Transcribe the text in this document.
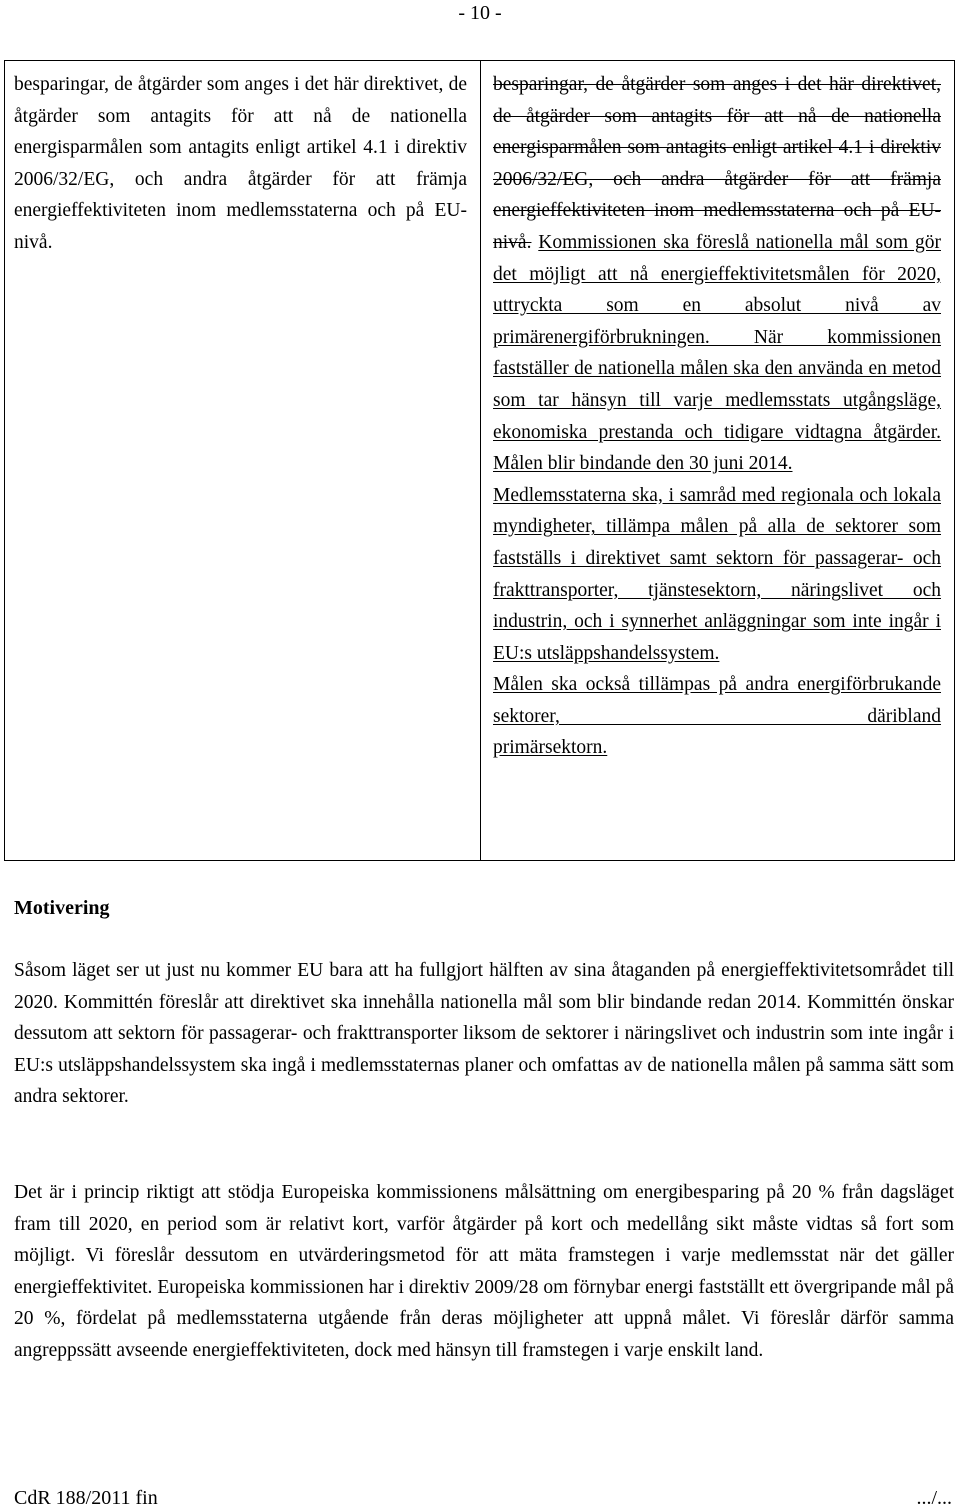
- 10 -

besparingar, de åtgärder som anges i det här direktivet, de åtgärder som antagits för att nå de nationella energisparmålen som antagits enligt artikel 4.1 i direktiv 2006/32/EG, och andra åtgärder för att främja energieffektiviteten inom medlemsstaterna och på EU-nivå.

besparingar, de åtgärder som anges i det här direktivet, de åtgärder som antagits för att nå de nationella energisparmålen som antagits enligt artikel 4.1 i direktiv 2006/32/EG, och andra åtgärder för att främja energieffektiviteten inom medlemsstaterna och på EU-nivå. Kommissionen ska föreslå nationella mål som gör det möjligt att nå energieffektivitetsmålen för 2020, uttryckta som en absolut nivå av primärenergiförbrukningen. När kommissionen fastställer de nationella målen ska den använda en metod som tar hänsyn till varje medlemsstats utgångsläge, ekonomiska prestanda och tidigare vidtagna åtgärder. Målen blir bindande den 30 juni 2014.

Medlemsstaterna ska, i samråd med regionala och lokala myndigheter, tillämpa målen på alla de sektorer som fastställs i direktivet samt sektorn för passagerar- och frakttransporter, tjänstesektorn, näringslivet och industrin, och i synnerhet anläggningar som inte ingår i EU:s utsläppshandelssystem.

Målen ska också tillämpas på andra energiförbrukande sektorer, däribland

primärsektorn.

Motivering

Såsom läget ser ut just nu kommer EU bara att ha fullgjort hälften av sina åtaganden på energieffektivitetsområdet till 2020. Kommittén föreslår att direktivet ska innehålla nationella mål som blir bindande redan 2014. Kommittén önskar dessutom att sektorn för passagerar- och frakttransporter liksom de sektorer i näringslivet och industrin som inte ingår i EU:s utsläppshandelssystem ska ingå i medlemsstaternas planer och omfattas av de nationella målen på samma sätt som andra sektorer.

Det är i princip riktigt att stödja Europeiska kommissionens målsättning om energibesparing på 20 % från dagsläget fram till 2020, en period som är relativt kort, varför åtgärder på kort och medellång sikt måste vidtas så fort som möjligt. Vi föreslår dessutom en utvärderingsmetod för att mäta framstegen i varje medlemsstat när det gäller energieffektivitet. Europeiska kommissionen har i direktiv 2009/28 om förnybar energi fastställt ett övergripande mål på 20 %, fördelat på medlemsstaterna utgående från deras möjligheter att uppnå målet. Vi föreslår därför samma angreppssätt avseende energieffektiviteten, dock med hänsyn till framstegen i varje enskilt land.

CdR 188/2011 fin	.../...
